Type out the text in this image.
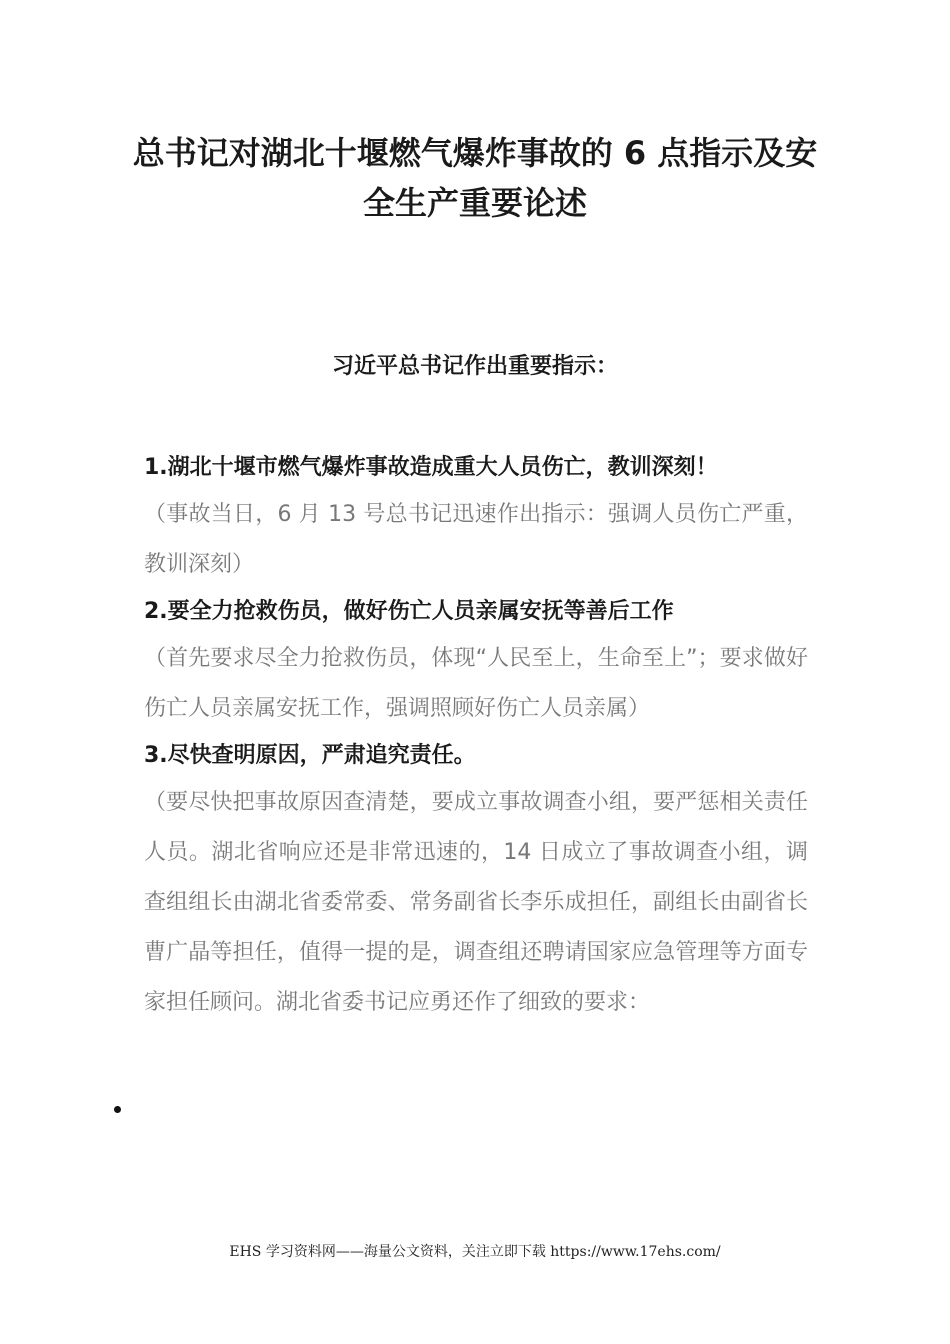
总书记对湖北十堰燃气爆炸事故的 6 点指示及安全生产重要论述
习近平总书记作出重要指示：
1.湖北十堰市燃气爆炸事故造成重大人员伤亡，教训深刻！
（事故当日，6 月 13 号总书记迅速作出指示：强调人员伤亡严重，教训深刻）
2.要全力抢救伤员，做好伤亡人员亲属安抚等善后工作
（首先要求尽全力抢救伤员，体现“人民至上，生命至上”；要求做好伤亡人员亲属安抚工作，强调照顾好伤亡人员亲属）
3.尽快查明原因，严肃追究责任。
（要尽快把事故原因查清楚，要成立事故调查小组，要严惩相关责任人员。湖北省响应还是非常迅速的，14 日成立了事故调查小组，调查组组长由湖北省委常委、常务副省长李乐成担任，副组长由副省长曹广晶等担任，值得一提的是，调查组还聘请国家应急管理等方面专家担任顾问。湖北省委书记应勇还作了细致的要求：
EHS 学习资料网——海量公文资料，关注立即下载 https://www.17ehs.com/
